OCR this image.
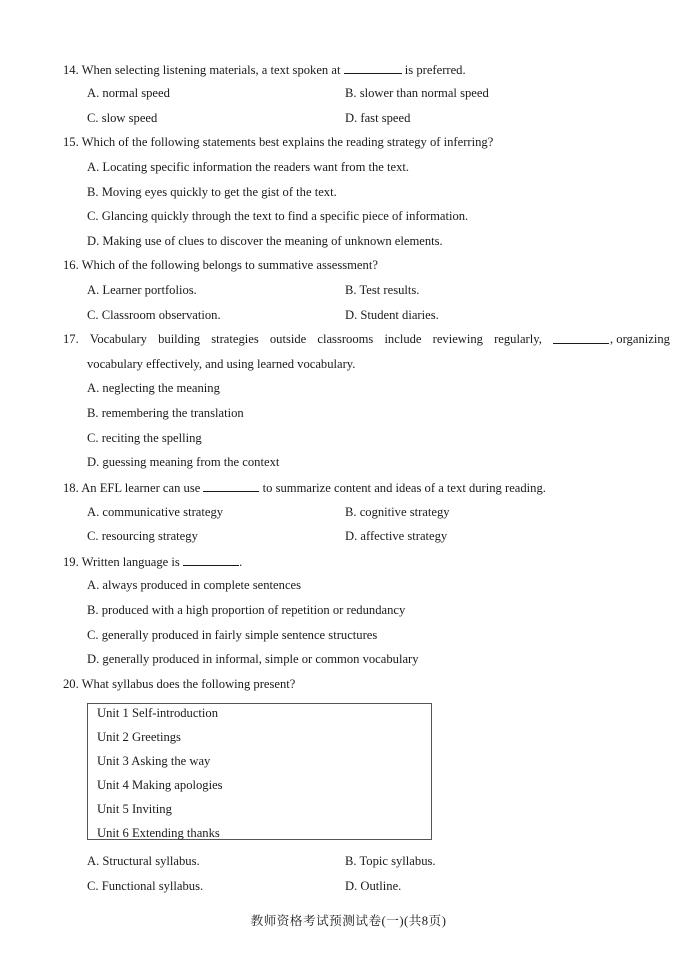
14. When selecting listening materials, a text spoken at	is preferred.
A. normal speed	B. slower than normal speed
C. slow speed	D. fast speed
15. Which of the following statements best explains the reading strategy of inferring?
A. Locating specific information the readers want from the text.
B. Moving eyes quickly to get the gist of the text.
C. Glancing quickly through the text to find a specific piece of information.
D. Making use of clues to discover the meaning of unknown elements.
16. Which of the following belongs to summative assessment?
A. Learner portfolios.	B. Test results.
C. Classroom observation.	D. Student diaries.
17. Vocabulary building strategies outside classrooms include reviewing regularly,	, organizing
vocabulary effectively, and using learned vocabulary.
A. neglecting the meaning
B. remembering the translation
C. reciting the spelling
D. guessing meaning from the context
18. An EFL learner can use	to summarize content and ideas of a text during reading.
A. communicative strategy	B. cognitive strategy
C. resourcing strategy	D. affective strategy
19. Written language is	.
A. always produced in complete sentences
B. produced with a high proportion of repetition or redundancy
C. generally produced in fairly simple sentence structures
D. generally produced in informal, simple or common vocabulary
20. What syllabus does the following present?
Unit 1 Self-introduction
Unit 2 Greetings
Unit 3 Asking the way
Unit 4 Making apologies
Unit 5 Inviting
Unit 6 Extending thanks
A. Structural syllabus.	B. Topic syllabus.
C. Functional syllabus.	D. Outline.
教师资格考试预测试卷(一)(共8页)
